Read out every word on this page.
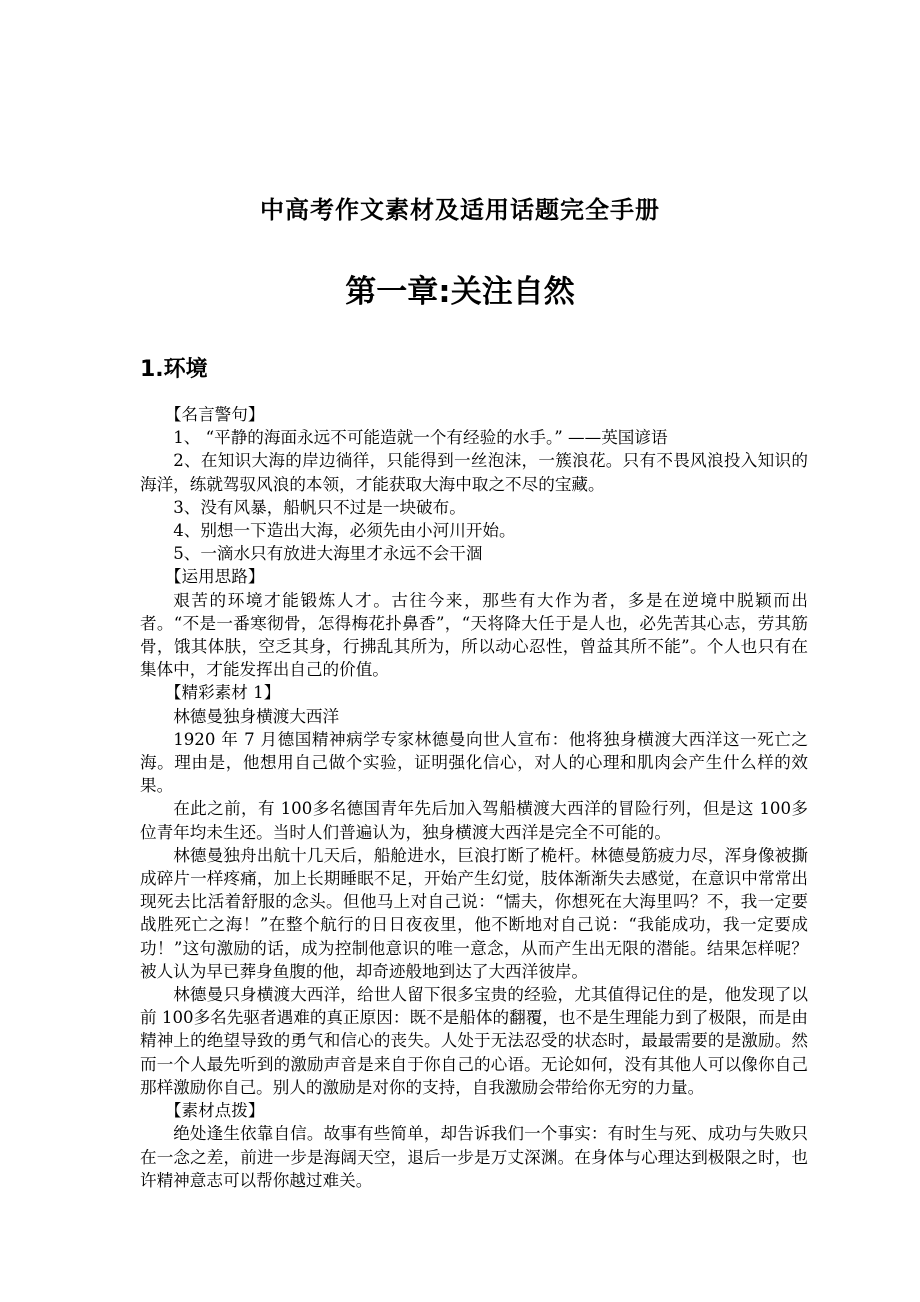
中高考作文素材及适用话题完全手册
第一章:关注自然
1.环境

【名言警句】

1、 “平静的海面永远不可能造就一个有经验的水手。” ——英国谚语

2、在知识大海的岸边徜徉，只能得到一丝泡沫，一簇浪花。只有不畏风浪投入知识的海洋，练就驾驭风浪的本领，才能获取大海中取之不尽的宝藏。

3、没有风暴，船帆只不过是一块破布。

4、别想一下造出大海，必须先由小河川开始。

5、一滴水只有放进大海里才永远不会干涸

【运用思路】

艰苦的环境才能锻炼人才。古往今来，那些有大作为者，多是在逆境中脱颖而出者。“不是一番寒彻骨，怎得梅花扑鼻香”，“天将降大任于是人也，必先苦其心志，劳其筋骨，饿其体肤，空乏其身，行拂乱其所为，所以动心忍性，曾益其所不能”。个人也只有在集体中，才能发挥出自己的价值。

【精彩素材 1】

林德曼独身横渡大西洋

1920 年 7 月德国精神病学专家林德曼向世人宣布：他将独身横渡大西洋这一死亡之海。理由是，他想用自己做个实验，证明强化信心，对人的心理和肌肉会产生什么样的效果。

在此之前，有 100多名德国青年先后加入驾船横渡大西洋的冒险行列，但是这 100多位青年均未生还。当时人们普遍认为，独身横渡大西洋是完全不可能的。

林德曼独舟出航十几天后，船舱进水，巨浪打断了桅杆。林德曼筋疲力尽，浑身像被撕成碎片一样疼痛，加上长期睡眠不足，开始产生幻觉，肢体渐渐失去感觉，在意识中常常出现死去比活着舒服的念头。但他马上对自己说：“懦夫，你想死在大海里吗？不，我一定要战胜死亡之海！”在整个航行的日日夜夜里，他不断地对自己说：“我能成功，我一定要成功！”这句激励的话，成为控制他意识的唯一意念，从而产生出无限的潜能。结果怎样呢？被人认为早已葬身鱼腹的他，却奇迹般地到达了大西洋彼岸。

林德曼只身横渡大西洋，给世人留下很多宝贵的经验，尤其值得记住的是，他发现了以前 100多名先驱者遇难的真正原因：既不是船体的翻覆，也不是生理能力到了极限，而是由精神上的绝望导致的勇气和信心的丧失。人处于无法忍受的状态时，最最需要的是激励。然而一个人最先听到的激励声音是来自于你自己的心语。无论如何，没有其他人可以像你自己那样激励你自己。别人的激励是对你的支持，自我激励会带给你无穷的力量。

【素材点拨】

绝处逢生依靠自信。故事有些简单，却告诉我们一个事实：有时生与死、成功与失败只在一念之差，前进一步是海阔天空，退后一步是万丈深渊。在身体与心理达到极限之时，也许精神意志可以帮你越过难关。
